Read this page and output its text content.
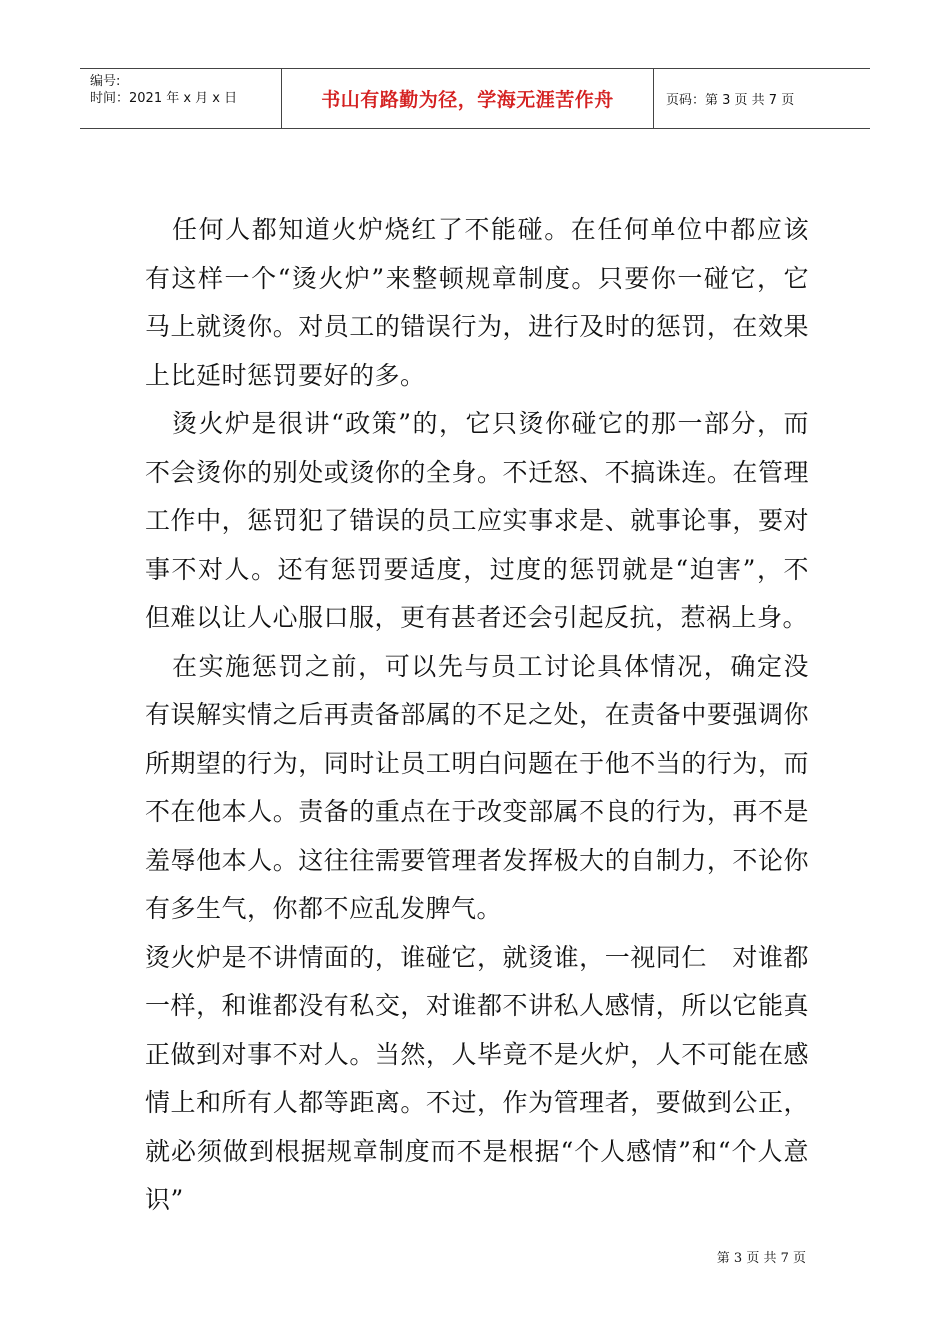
编号:
时间：2021 年 x 月 x 日	书山有路勤为径，学海无涯苦作舟	页码：第 3 页 共 7 页

任何人都知道火炉烧红了不能碰。在任何单位中都应该有这样一个“烫火炉”来整顿规章制度。只要你一碰它，它马上就烫你。对员工的错误行为，进行及时的惩罚，在效果上比延时惩罚要好的多。

烫火炉是很讲“政策”的，它只烫你碰它的那一部分，而不会烫你的别处或烫你的全身。不迁怒、不搞诛连。在管理工作中，惩罚犯了错误的员工应实事求是、就事论事，要对事不对人。还有惩罚要适度，过度的惩罚就是“迫害”，不但难以让人心服口服，更有甚者还会引起反抗，惹祸上身。

在实施惩罚之前，可以先与员工讨论具体情况，确定没有误解实情之后再责备部属的不足之处，在责备中要强调你所期望的行为，同时让员工明白问题在于他不当的行为，而不在他本人。责备的重点在于改变部属不良的行为，再不是羞辱他本人。这往往需要管理者发挥极大的自制力，不论你有多生气，你都不应乱发脾气。

烫火炉是不讲情面的，谁碰它，就烫谁，一视同仁　对谁都一样，和谁都没有私交，对谁都不讲私人感情，所以它能真正做到对事不对人。当然，人毕竟不是火炉，人不可能在感情上和所有人都等距离。不过，作为管理者，要做到公正，就必须做到根据规章制度而不是根据“个人感情”和“个人意识”

第 3 页 共 7 页
